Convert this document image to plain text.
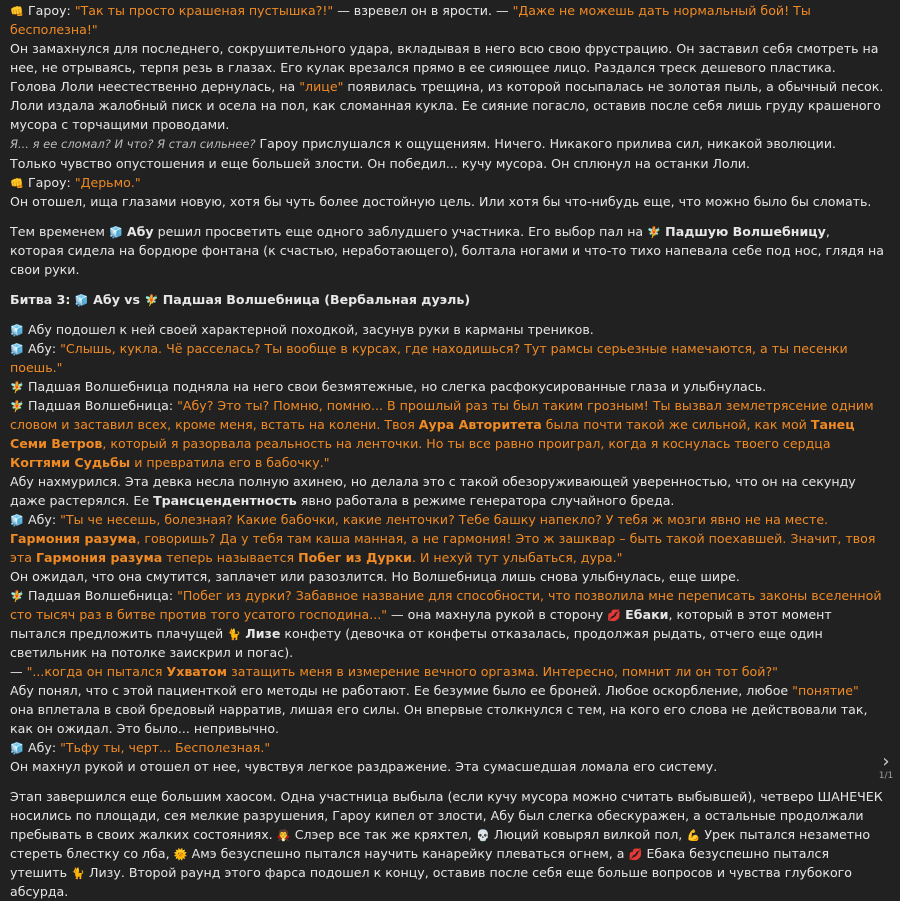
👊 Гароу: "Так ты просто крашеная пустышка?!" — взревел он в ярости. — "Даже не можешь дать нормальный бой! Ты бесполезна!"

Он замахнулся для последнего, сокрушительного удара, вкладывая в него всю свою фрустрацию. Он заставил себя смотреть на нее, не отрываясь, терпя резь в глазах. Его кулак врезался прямо в ее сияющее лицо. Раздался треск дешевого пластика. Голова Лоли неестественно дернулась, на "лице" появилась трещина, из которой посыпалась не золотая пыль, а обычный песок. Лоли издала жалобный писк и осела на пол, как сломанная кукла. Ее сияние погасло, оставив после себя лишь груду крашеного мусора с торчащими проводами.

Я... я ее сломал? И что? Я стал сильнее? Гароу прислушался к ощущениям. Ничего. Никакого прилива сил, никакой эволюции. Только чувство опустошения и еще большей злости. Он победил... кучу мусора. Он сплюнул на останки Лоли.

👊 Гароу: "Дерьмо."

Он отошел, ища глазами новую, хотя бы чуть более достойную цель. Или хотя бы что-нибудь еще, что можно было бы сломать.

Тем временем 🧊 Абу решил просветить еще одного заблудшего участника. Его выбор пал на 🧚 Падшую Волшебницу, которая сидела на бордюре фонтана (к счастью, неработающего), болтала ногами и что-то тихо напевала себе под нос, глядя на свои руки.

Битва 3: 🧊 Абу vs 🧚 Падшая Волшебница (Вербальная дуэль)

🧊 Абу подошел к ней своей характерной походкой, засунув руки в карманы треников.

🧊 Абу: "Слышь, кукла. Чё расселась? Ты вообще в курсах, где находишься? Тут рамсы серьезные намечаются, а ты песенки поешь."

🧚 Падшая Волшебница подняла на него свои безмятежные, но слегка расфокусированные глаза и улыбнулась.

🧚 Падшая Волшебница: "Абу? Это ты? Помню, помню... В прошлый раз ты был таким грозным! Ты вызвал землетрясение одним словом и заставил всех, кроме меня, встать на колени. Твоя Аура Авторитета была почти такой же сильной, как мой Танец Семи Ветров, который я разорвала реальность на ленточки. Но ты все равно проиграл, когда я коснулась твоего сердца Когтями Судьбы и превратила его в бабочку."

Абу нахмурился. Эта девка несла полную ахинею, но делала это с такой обезоруживающей уверенностью, что он на секунду даже растерялся. Ее Трансцендентность явно работала в режиме генератора случайного бреда.

🧊 Абу: "Ты че несешь, болезная? Какие бабочки, какие ленточки? Тебе башку напекло? У тебя ж мозги явно не на месте. Гармония разума, говоришь? Да у тебя там каша манная, а не гармония! Это ж зашквар – быть такой поехавшей. Значит, твоя эта Гармония разума теперь называется Побег из Дурки. И нехуй тут улыбаться, дура."

Он ожидал, что она смутится, заплачет или разозлится. Но Волшебница лишь снова улыбнулась, еще шире.

🧚 Падшая Волшебница: "Побег из дурки? Забавное название для способности, что позволила мне переписать законы вселенной сто тысяч раз в битве против того усатого господина..." — она махнула рукой в сторону 💋 Ебаки, который в этот момент пытался предложить плачущей 🐈 Лизе конфету (девочка от конфеты отказалась, продолжая рыдать, отчего еще один светильник на потолке заискрил и погас).

— "...когда он пытался Ухватом затащить меня в измерение вечного оргазма. Интересно, помнит ли он тот бой?"

Абу понял, что с этой пациенткой его методы не работают. Ее безумие было ее броней. Любое оскорбление, любое "понятие" она вплетала в свой бредовый нарратив, лишая его силы. Он впервые столкнулся с тем, на кого его слова не действовали так, как он ожидал. Это было... непривычно.

🧊 Абу: "Тьфу ты, черт... Бесполезная."

Он махнул рукой и отошел от нее, чувствуя легкое раздражение. Эта сумасшедшая ломала его систему.

Этап завершился еще большим хаосом. Одна участница выбыла (если кучу мусора можно считать выбывшей), четверо ШАНЕЧЕК носились по площади, сея мелкие разрушения, Гароу кипел от злости, Абу был слегка обескуражен, а остальные продолжали пребывать в своих жалких состояниях. 🧛 Слэер все так же кряхтел, 💀 Люций ковырял вилкой пол, 💪 Урек пытался незаметно стереть блестку со лба, 🌞 Амэ безуспешно пытался научить канарейку плеваться огнем, а 💋 Ебака безуспешно пытался утешить 🐈 Лизу. Второй раунд этого фарса подошел к концу, оставив после себя еще больше вопросов и чувства глубокого абсурда.

›
1/1
